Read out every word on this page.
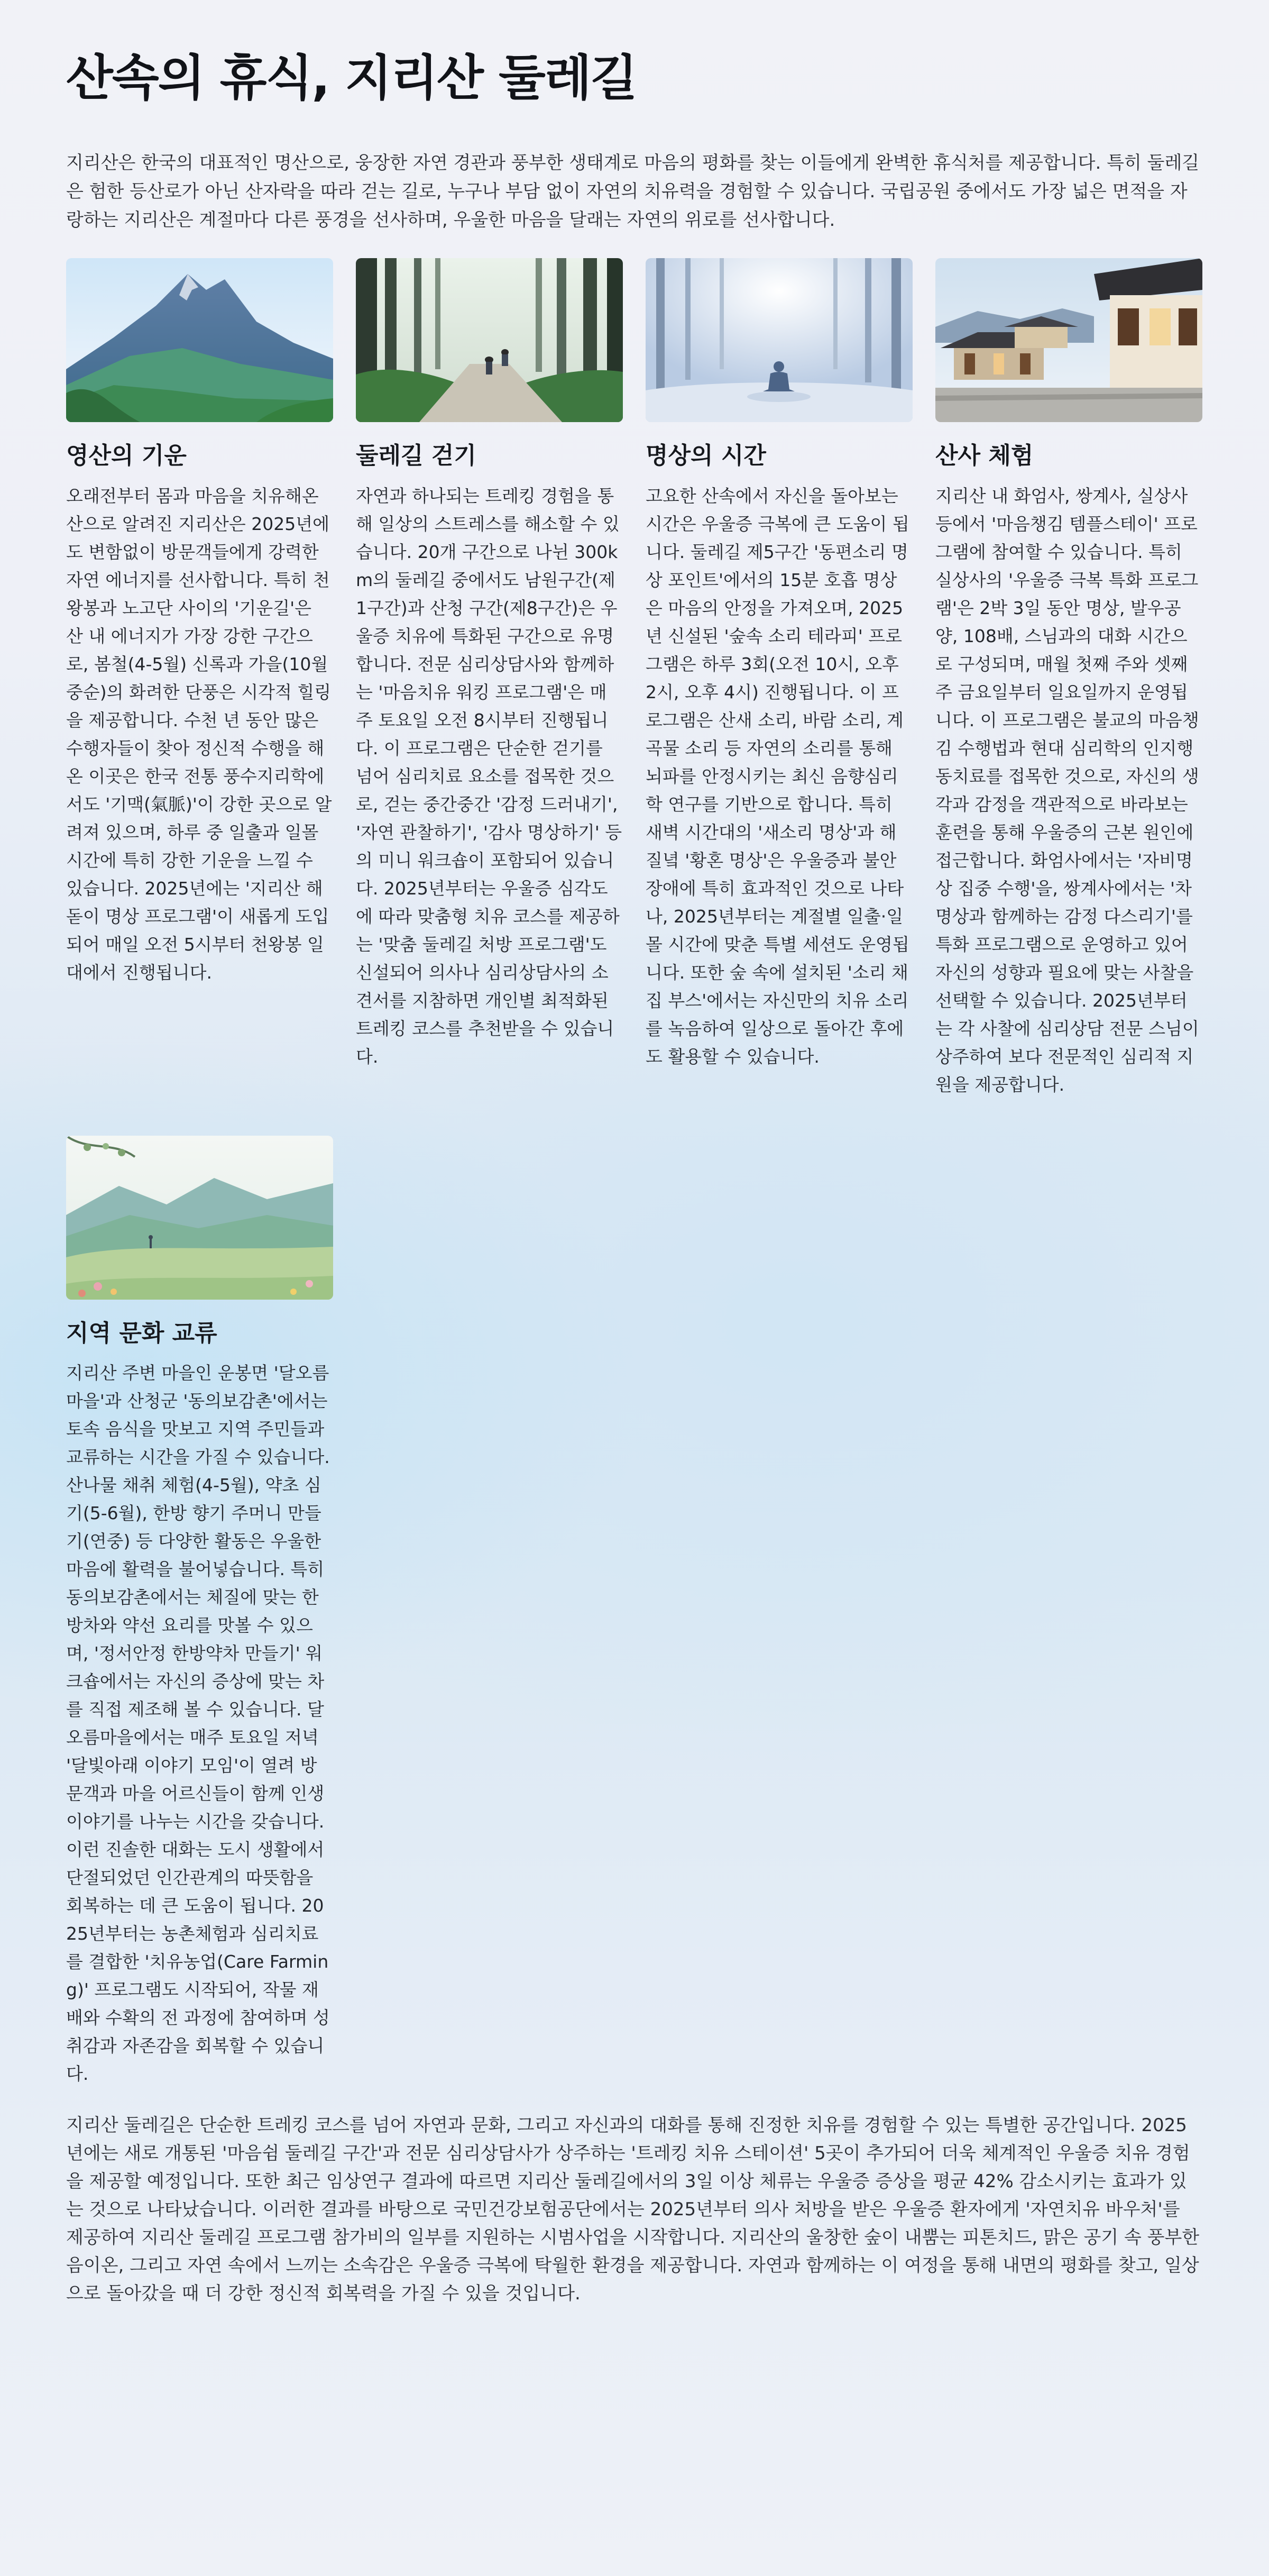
산속의 휴식, 지리산 둘레길

지리산은 한국의 대표적인 명산으로, 웅장한 자연 경관과 풍부한 생태계로 마음의 평화를 찾는 이들에게 완벽한 휴식처를 제공합니다. 특히 둘레길은 험한 등산로가 아닌 산자락을 따라 걷는 길로, 누구나 부담 없이 자연의 치유력을 경험할 수 있습니다. 국립공원 중에서도 가장 넓은 면적을 자랑하는 지리산은 계절마다 다른 풍경을 선사하며, 우울한 마음을 달래는 자연의 위로를 선사합니다.

영산의 기운

오래전부터 몸과 마음을 치유해온 산으로 알려진 지리산은 2025년에도 변함없이 방문객들에게 강력한 자연 에너지를 선사합니다. 특히 천왕봉과 노고단 사이의 '기운길'은 산 내 에너지가 가장 강한 구간으로, 봄철(4-5월) 신록과 가을(10월 중순)의 화려한 단풍은 시각적 힐링을 제공합니다. 수천 년 동안 많은 수행자들이 찾아 정신적 수행을 해온 이곳은 한국 전통 풍수지리학에서도 '기맥(氣脈)'이 강한 곳으로 알려져 있으며, 하루 중 일출과 일몰 시간에 특히 강한 기운을 느낄 수 있습니다. 2025년에는 '지리산 해돋이 명상 프로그램'이 새롭게 도입되어 매일 오전 5시부터 천왕봉 일대에서 진행됩니다.

둘레길 걷기

자연과 하나되는 트레킹 경험을 통해 일상의 스트레스를 해소할 수 있습니다. 20개 구간으로 나뉜 300km의 둘레길 중에서도 남원구간(제1구간)과 산청 구간(제8구간)은 우울증 치유에 특화된 구간으로 유명합니다. 전문 심리상담사와 함께하는 '마음치유 워킹 프로그램'은 매주 토요일 오전 8시부터 진행됩니다. 이 프로그램은 단순한 걷기를 넘어 심리치료 요소를 접목한 것으로, 걷는 중간중간 '감정 드러내기', '자연 관찰하기', '감사 명상하기' 등의 미니 워크숍이 포함되어 있습니다. 2025년부터는 우울증 심각도에 따라 맞춤형 치유 코스를 제공하는 '맞춤 둘레길 처방 프로그램'도 신설되어 의사나 심리상담사의 소견서를 지참하면 개인별 최적화된 트레킹 코스를 추천받을 수 있습니다.

명상의 시간

고요한 산속에서 자신을 돌아보는 시간은 우울증 극복에 큰 도움이 됩니다. 둘레길 제5구간 '동편소리 명상 포인트'에서의 15분 호흡 명상은 마음의 안정을 가져오며, 2025년 신설된 '숲속 소리 테라피' 프로그램은 하루 3회(오전 10시, 오후 2시, 오후 4시) 진행됩니다. 이 프로그램은 산새 소리, 바람 소리, 계곡물 소리 등 자연의 소리를 통해 뇌파를 안정시키는 최신 음향심리학 연구를 기반으로 합니다. 특히 새벽 시간대의 '새소리 명상'과 해질녘 '황혼 명상'은 우울증과 불안장애에 특히 효과적인 것으로 나타나, 2025년부터는 계절별 일출·일몰 시간에 맞춘 특별 세션도 운영됩니다. 또한 숲 속에 설치된 '소리 채집 부스'에서는 자신만의 치유 소리를 녹음하여 일상으로 돌아간 후에도 활용할 수 있습니다.

산사 체험

지리산 내 화엄사, 쌍계사, 실상사 등에서 '마음챙김 템플스테이' 프로그램에 참여할 수 있습니다. 특히 실상사의 '우울증 극복 특화 프로그램'은 2박 3일 동안 명상, 발우공양, 108배, 스님과의 대화 시간으로 구성되며, 매월 첫째 주와 셋째 주 금요일부터 일요일까지 운영됩니다. 이 프로그램은 불교의 마음챙김 수행법과 현대 심리학의 인지행동치료를 접목한 것으로, 자신의 생각과 감정을 객관적으로 바라보는 훈련을 통해 우울증의 근본 원인에 접근합니다. 화엄사에서는 '자비명상 집중 수행'을, 쌍계사에서는 '차 명상과 함께하는 감정 다스리기'를 특화 프로그램으로 운영하고 있어 자신의 성향과 필요에 맞는 사찰을 선택할 수 있습니다. 2025년부터는 각 사찰에 심리상담 전문 스님이 상주하여 보다 전문적인 심리적 지원을 제공합니다.

지역 문화 교류

지리산 주변 마을인 운봉면 '달오름마을'과 산청군 '동의보감촌'에서는 토속 음식을 맛보고 지역 주민들과 교류하는 시간을 가질 수 있습니다. 산나물 채취 체험(4-5월), 약초 심기(5-6월), 한방 향기 주머니 만들기(연중) 등 다양한 활동은 우울한 마음에 활력을 불어넣습니다. 특히 동의보감촌에서는 체질에 맞는 한방차와 약선 요리를 맛볼 수 있으며, '정서안정 한방약차 만들기' 워크숍에서는 자신의 증상에 맞는 차를 직접 제조해 볼 수 있습니다. 달오름마을에서는 매주 토요일 저녁 '달빛아래 이야기 모임'이 열려 방문객과 마을 어르신들이 함께 인생 이야기를 나누는 시간을 갖습니다. 이런 진솔한 대화는 도시 생활에서 단절되었던 인간관계의 따뜻함을 회복하는 데 큰 도움이 됩니다. 2025년부터는 농촌체험과 심리치료를 결합한 '치유농업(Care Farming)' 프로그램도 시작되어, 작물 재배와 수확의 전 과정에 참여하며 성취감과 자존감을 회복할 수 있습니다.

지리산 둘레길은 단순한 트레킹 코스를 넘어 자연과 문화, 그리고 자신과의 대화를 통해 진정한 치유를 경험할 수 있는 특별한 공간입니다. 2025년에는 새로 개통된 '마음쉼 둘레길 구간'과 전문 심리상담사가 상주하는 '트레킹 치유 스테이션' 5곳이 추가되어 더욱 체계적인 우울증 치유 경험을 제공할 예정입니다. 또한 최근 임상연구 결과에 따르면 지리산 둘레길에서의 3일 이상 체류는 우울증 증상을 평균 42% 감소시키는 효과가 있는 것으로 나타났습니다. 이러한 결과를 바탕으로 국민건강보험공단에서는 2025년부터 의사 처방을 받은 우울증 환자에게 '자연치유 바우처'를 제공하여 지리산 둘레길 프로그램 참가비의 일부를 지원하는 시범사업을 시작합니다. 지리산의 울창한 숲이 내뿜는 피톤치드, 맑은 공기 속 풍부한 음이온, 그리고 자연 속에서 느끼는 소속감은 우울증 극복에 탁월한 환경을 제공합니다. 자연과 함께하는 이 여정을 통해 내면의 평화를 찾고, 일상으로 돌아갔을 때 더 강한 정신적 회복력을 가질 수 있을 것입니다.
